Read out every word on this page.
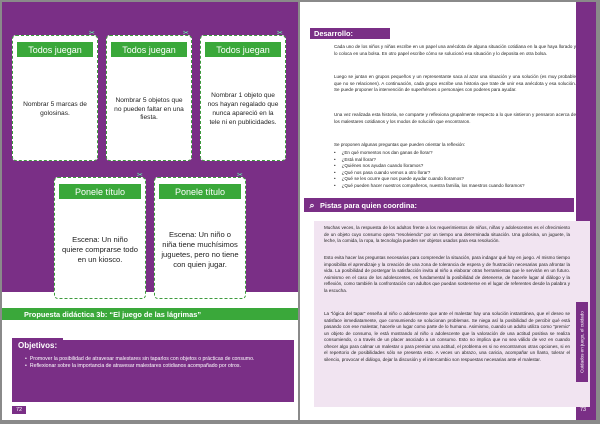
✂
Todos juegan
Nombrar 5 marcas de golosinas.
✂
Todos juegan
Nombrar 5 objetos que no pueden faltar en una fiesta.
✂
Todos juegan
Nombrar 1 objeto que nos hayan regalado que nunca apareció en la tele ni en publicidades.
✂
Ponele título
Escena: Un niño quiere comprarse todo en un kiosco.
✂
Ponele título
Escena: Un niño o niña tiene muchísimos juguetes, pero no tiene con quien jugar.
Propuesta didáctica 3b: “El juego de las lágrimas”
• Promover la posibilidad de atravesar malestares sin taparlos con objetos o prácticas de consumo.
• Reflexionar sobre la importancia de atravesar malestares cotidianos acompañado por otros.
Objetivos:
72
Desarrollo:
Cada uno de los niños y niñas escribe en un papel una anécdota de alguna situación cotidiana en la que haya llorado y lo coloca en una bolsa. En otro papel escribe cómo se solucionó esa situación y lo deposita en otra bolsa.
Luego se juntan en grupos pequeños y un representante saca al azar una situación y una solución (es muy probable que no se relacionen). A continuación, cada grupo escribe una historia que trate de unir esa anécdota y esa solución. Se puede proponer la intervención de superhéroes o personajes con poderes para ayudar.
Una vez realizada esta historia, se comparte y reflexiona grupalmente respecto a lo que sintieron y pensaron acerca de los malestares cotidianos y los modos de solución que encontraron.
Se proponen algunas preguntas que pueden orientar la reflexión:
• ¿En qué momentos nos dan ganas de llorar?
• ¿Está mal llorar?
• ¿Quiénes nos ayudan cuando lloramos?
• ¿Qué nos pasa cuando vemos a otro llorar?
• ¿Qué se les ocurre que nos puede ayudar cuando lloramos?
• ¿Qué pueden hacer nuestros compañeros, nuestra familia, los maestros cuando lloramos?
Muchas veces, la respuesta de los adultos frente a los requerimientos de niños, niñas y adolescentes es el ofrecimiento de un objeto cuyo consumo opera “resolviendo” por un tiempo una determinada situación. Una golosina, un juguete, la leche, la comida, la ropa, la tecnología pueden ser objetos usados para esa resolución.
Esto evita hacer las preguntas necesarias para comprender la situación, para indagar qué hay en juego. Al mismo tiempo imposibilita el aprendizaje y la creación de una zona de tolerancia de espera y de frustración necesarias para afrontar la vida. La posibilidad de postergar la satisfacción invita al niño a elaborar otras herramientas que le servirán en un futuro. Asimismo en el caso de los adolescentes, es fundamental la posibilidad de detenerse, de hacerle lugar al diálogo y la reflexión, como también la confrontación con adultos que puedan sostenerse en el lugar de referentes desde la palabra y la escucha.
La “lógica del tapar” enseña al niño o adolescente que ante el malestar hay una solución instantánea, que el deseo se satisface inmediatamente, que consumiendo se solucionan problemas. Se niega así la posibilidad de percibir qué está pasando con ese malestar, hacerle un lugar como parte de lo humano. Asimismo, cuando un adulto utiliza como “premio” un objeto de consumo, le está mostrando al niño o adolescente que la valoración de una actitud positiva se realiza consumiendo, o a través de un placer asociado a un consumo. Esto no implica que no sea válido de vez en cuando ofrecer algo para calmar un malestar o para premiar una actitud, el problema es si no encontramos otras opciones, si en el repertorio de posibilidades sólo se presenta esto. A veces un abrazo, una caricia, acompañar un llanto, tolerar el silencio, provocar el diálogo, dejar la discusión y el intercambio son respuestas necesarias ante el malestar.
⌕ Pistas para quien coordina:
Cuidados en juego, el cuidado
73
